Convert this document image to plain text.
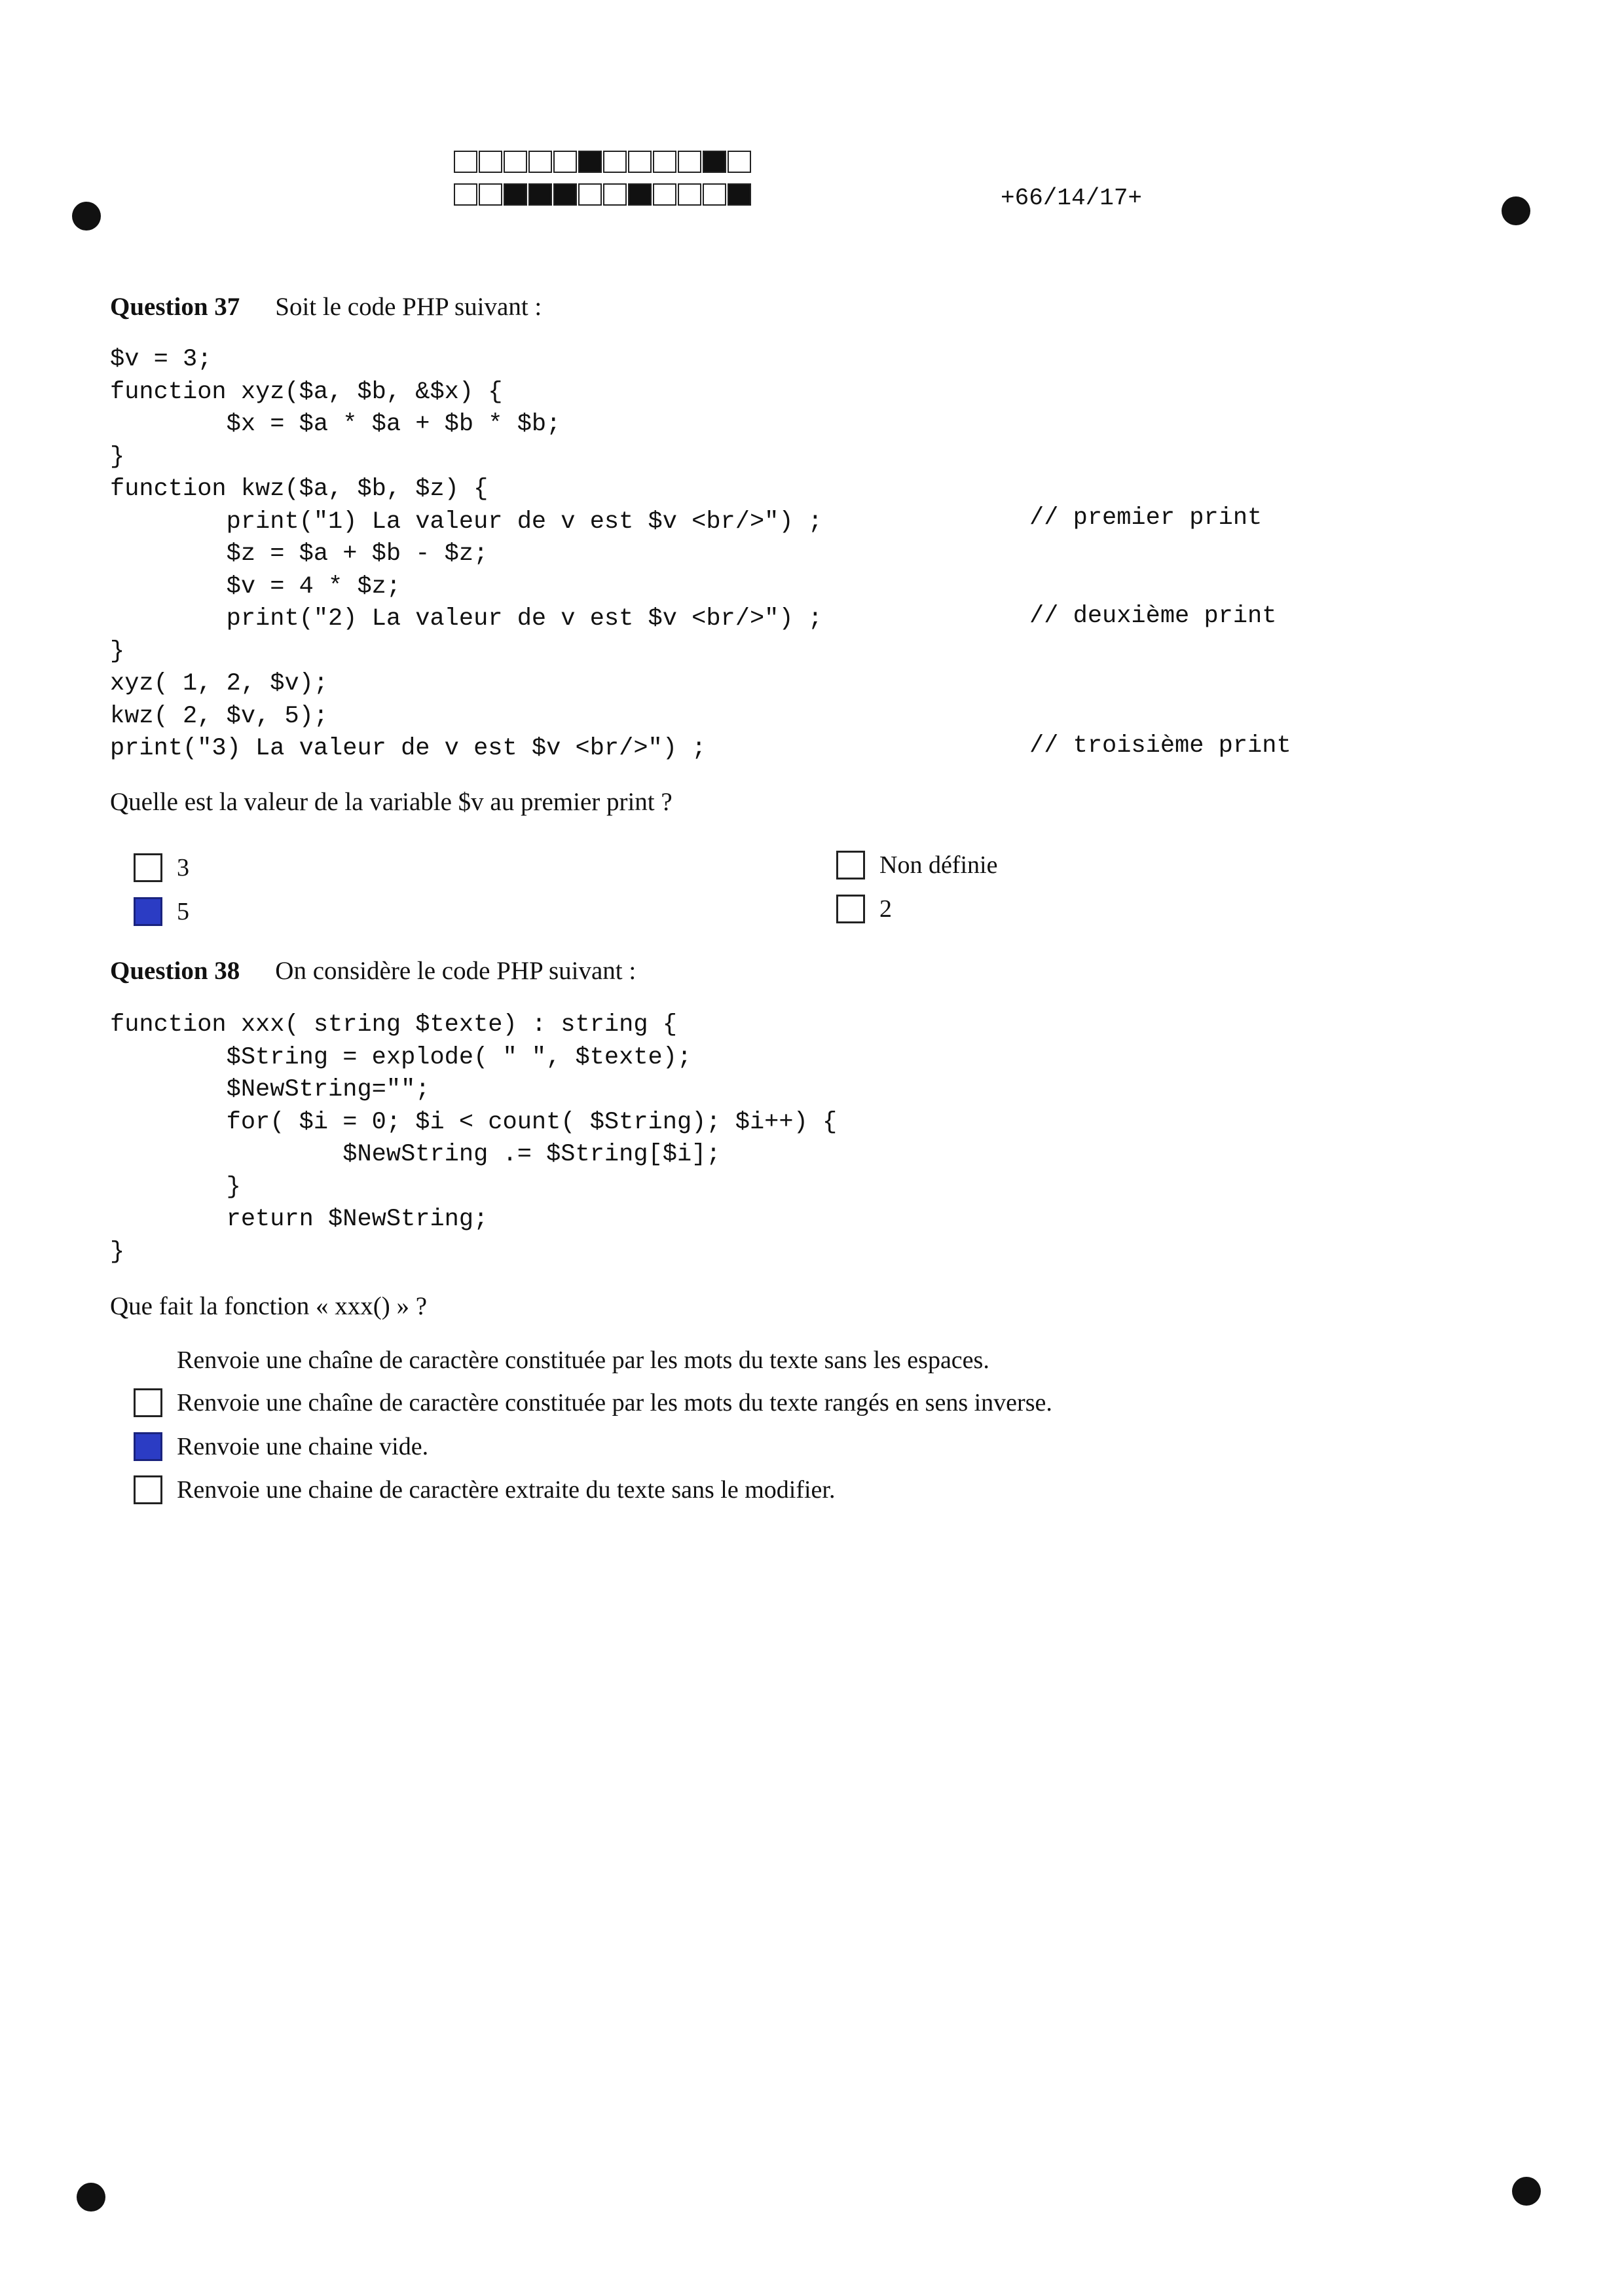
+66/14/17+
Question 37 Soit le code PHP suivant :
$v = 3;
function xyz($a, $b, &$x) {
$x = $a * $a + $b * $b;
}
function kwz($a, $b, $z) {
print("1) La valeur de v est $v <br/>") ;
$z = $a + $b - $z;
$v = 4 * $z;
print("2) La valeur de v est $v <br/>") ;
}
xyz( 1, 2, $v);
kwz( 2, $v, 5);
print("3) La valeur de v est $v <br/>") ;
// premier print
// deuxième print
// troisième print
Quelle est la valeur de la variable $v au premier print ?
3
5
Non définie
2
Question 38 On considère le code PHP suivant :
function xxx( string $texte) : string {
$String = explode( " ", $texte);
$NewString="";
for( $i = 0; $i < count( $String); $i++) {
$NewString .= $String[$i];
}
return $NewString;
}
Que fait la fonction « xxx() » ?
Renvoie une chaîne de caractère constituée par les mots du texte sans les espaces.
Renvoie une chaîne de caractère constituée par les mots du texte rangés en sens inverse.
Renvoie une chaine vide.
Renvoie une chaine de caractère extraite du texte sans le modifier.
